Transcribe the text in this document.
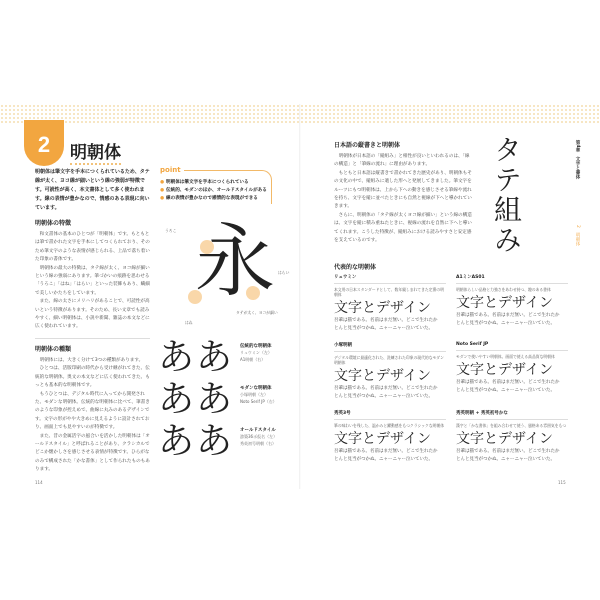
2	明朝体
明朝体は筆文字を手本につくられているため、タテ線が太く、ヨコ線が細いという線の強弱が特徴です。可読性が高く、本文書体として多く使われます。線の表情が豊かなので、情感のある表現に向いています。
point
● 明朝体は筆文字を手本につくられている
● 伝統的、モダンのほか、オールドスタイルがある
● 線の表情が豊かなので感情的な表現ができる
明朝体の特徴

和文書体の基本のひとつが「明朝体」です。もともとは筆で書かれた文字を手本にしてつくられており、そのため筆文字のような表情が感じられる、上品で落ち着いた印象の書体です。

明朝体の最大の特徴は、タテ線が太く、ヨコ線が細いという線の強弱にあります。筆づかいの痕跡を思わせる「うろこ」「はね」「はらい」といった装飾もあり、繊細で美しいかたちをしています。

また、線の太さにメリハリがあることで、可読性が高いという特徴があります。そのため、長い文章でも読みやすく、細い明朝体は、小説や新聞、雑誌の本文などに広く使われています。

明朝体の種類

明朝体には、大きく分けて3つの種類があります。

ひとつは、活版印刷の時代から受け継がれてきた、伝統的な明朝体。奥文の本文などに広く使われてきた、もっとも基本的な明朝体です。

もうひとつは、デジタル時代に入ってから開発された、モダンな明朝体。伝統的な明朝体に比べて、筆書きのような印象が控えめで、曲線に丸みのあるデザインです。文字の形がやや大きめに見えるように設計されており、画面上でも見やすいのが特徴です。

また、昔の金属活字の風合いを活かした明朝体は「オールドスタイル」と呼ばれることがあり、クラシカルでどこか懐かしさを感じさせる表情が特徴です。ひらがなのみで構成された「かな書体」として作られたものもあります。

永
うろこ
はらい
タテが太く、ヨコが細い
はね
ああ 伝統的な明朝体
リュウミン（左）
A1明朝（右）
ああ モダンな明朝体
小塚明朝（左）
Noto Serif JP（右）
ああ オールドスタイル
游築36ポ仮名（左）
秀英初号明朝（右）
114
日本語の縦書きと明朝体

明朝体が日本語の「縦組み」と相性が良いといわれるのは、「線の構造」と「筆線の流れ」に理由があります。

もともと日本語は縦書きで書かれてきた歴史があり、明朝体もその文化の中で、縦組みに適した形へと発展してきました。筆文字をルーツにもつ明朝体は、上から下への動きを感じさせる筆線や流れを持ち、文字を縦に並べたときにも自然と視線が下へと導かれていきます。

さらに、明朝体の「タテ線が太くヨコ線が細い」という線の構造は、文字を縦に積み重ねたときに、視線の流れを自然に下へと導いてくれます。こうした特徴が、縦組みにおける読みやすさと安定感を支えているのです。	タテ組み	第4章　文字と書体
2　明朝体
代表的な明朝体
リュウミン
本文用の日本スタンダードとして、数年親しまれてきた定番の明朝体
文字とデザイン
吾輩は猫である。名前はまだ無い。どこで生れたか
とんと見当がつかぬ。ニャーニャー泣いていた。
A1ミンAS01
明朝体らしい品格と力強さをあわせ持つ、趣のある書体
文字とデザイン
吾輩は猫である。名前はまだ無い。どこで生れたか
とんと見当がつかぬ。ニャーニャー泣いていた。
小塚明朝
デジタル環境に最適化された、洗練された印象の現代的なモダン明朝体
文字とデザイン
吾輩は猫である。名前はまだ無い。どこで生れたか
とんと見当がつかぬ。ニャーニャー泣いていた。
Noto Serif JP
モダンで使いやすい明朝体。画面で使える高品質な明朝体
文字とデザイン
吾輩は猫である。名前はまだ無い。どこで生れたか
とんと見当がつかぬ。ニャーニャー泣いていた。
秀英3号
筆の味わいを残した、温かみと躍動感をもつクラシックな明朝体
文字とデザイン
吾輩は猫である。名前はまだ無い。どこで生れたか
とんと見当がつかぬ。ニャーニャー泣いていた。
秀英明朝 + 秀英初号かな
漢字と「かな書体」を組み合わせて使う、風格ある雰囲気をもつ
文字とデザイン
吾輩は猫である。名前はまだ無い。どこで生れたか
とんと見当がつかぬ。ニャーニャー泣いていた。
115
